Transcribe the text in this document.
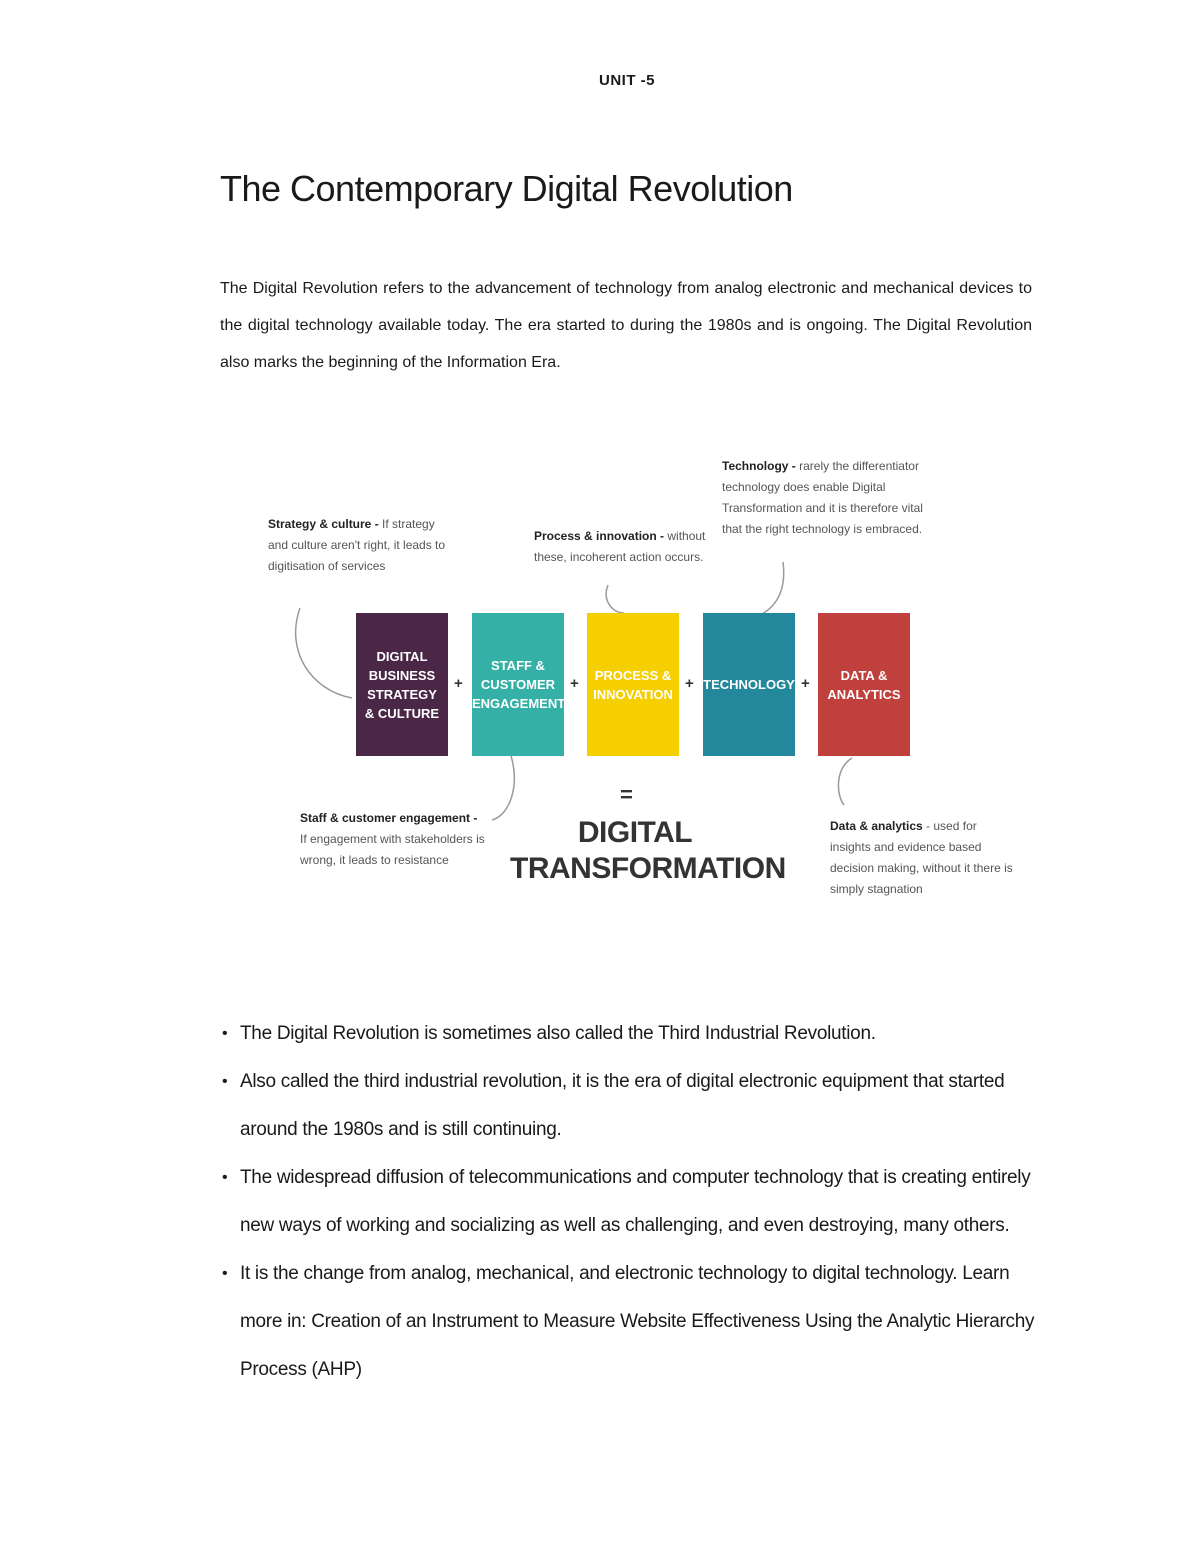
UNIT -5
The Contemporary Digital Revolution

The Digital Revolution refers to the advancement of technology from analog electronic and mechanical devices to the digital technology available today. The era started to during the 1980s and is ongoing. The Digital Revolution also marks the beginning of the Information Era.

Strategy & culture - If strategy and culture aren't right, it leads to digitisation of services
Process & innovation - without these, incoherent action occurs.
Technology - rarely the differentiator technology does enable Digital Transformation and it is therefore vital that the right technology is embraced.
Staff & customer engagement - If engagement with stakeholders is wrong, it leads to resistance
Data & analytics - used for insights and evidence based decision making, without it there is simply stagnation
DIGITAL BUSINESS STRATEGY & CULTURE
+
STAFF & CUSTOMER ENGAGEMENT
+ PROCESS & INNOVATION
+ TECHNOLOGY +	DATA & ANALYTICS
=
DIGITAL TRANSFORMATION
• The Digital Revolution is sometimes also called the Third Industrial Revolution.
• Also called the third industrial revolution, it is the era of digital electronic equipment that started around the 1980s and is still continuing.
• The widespread diffusion of telecommunications and computer technology that is creating entirely new ways of working and socializing as well as challenging, and even destroying, many others.
• It is the change from analog, mechanical, and electronic technology to digital technology. Learn more in: Creation of an Instrument to Measure Website Effectiveness Using the Analytic Hierarchy Process (AHP)
